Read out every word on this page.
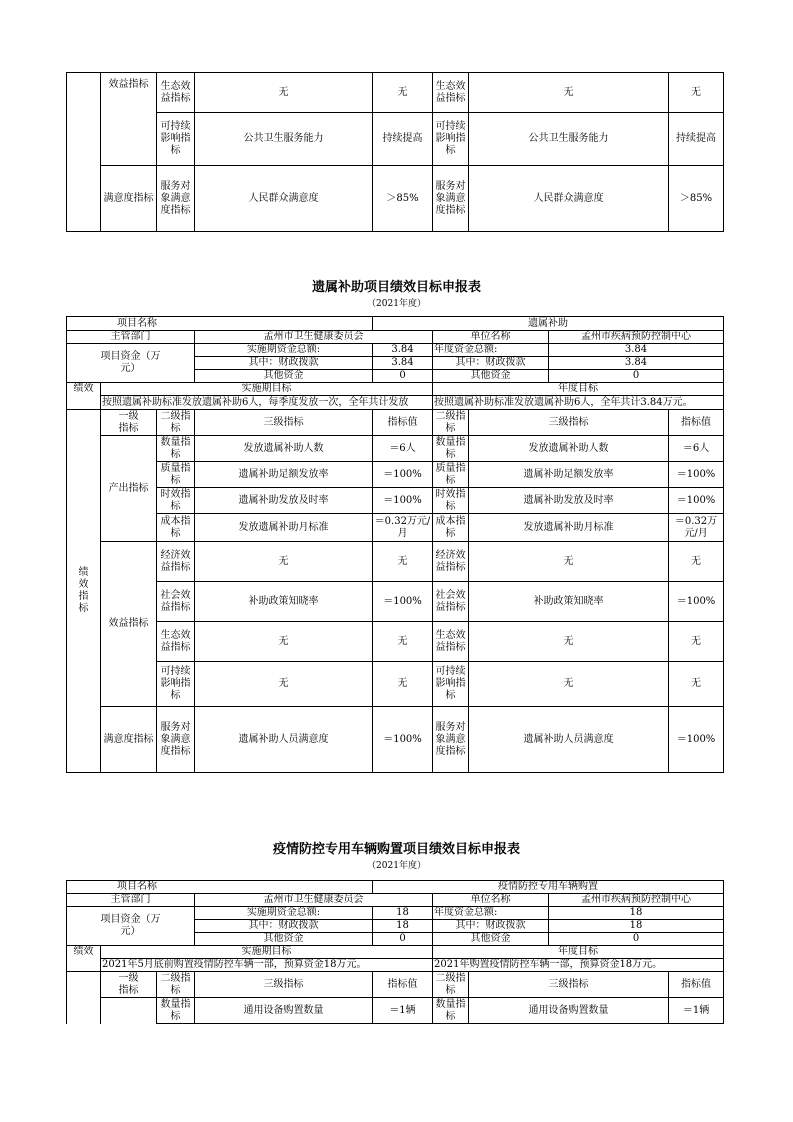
	效益指标	生态效益指标	无	无	生态效益指标	无	无
		可持续影响指标	公共卫生服务能力	持续提高	可持续影响指标	公共卫生服务能力	持续提高
	满意度指标	服务对象满意度指标	人民群众满意度	＞85%	服务对象满意度指标	人民群众满意度	＞85%
遗属补助项目绩效目标申报表
（2021年度）
项目名称				遗属补助				
主管部门			孟州市卫生健康委员会		单位名称		孟州市疾病预防控制中心	
项目资金（万元）			实施期资金总额:	3.84	年度资金总额:		3.84	
			其中：财政拨款	3.84	其中：财政拨款		3.84	
			其他资金	0	其他资金		0	
绩效	实施期目标				年度目标			
	按照遗属补助标准发放遗属补助6人，每季度发放一次，全年共计发放				按照遗属补助标准发放遗属补助6人，全年共计3.84万元。			
绩效指标	一级指标	二级指标	三级指标	指标值	二级指标	三级指标		指标值
	产出指标	数量指标	发放遗属补助人数	＝6人	数量指标	发放遗属补助人数		＝6人
		质量指标	遗属补助足额发放率	＝100%	质量指标	遗属补助足额发放率		＝100%
		时效指标	遗属补助发放及时率	＝100%	时效指标	遗属补助发放及时率		＝100%
		成本指标	发放遗属补助月标准	＝0.32万元/月	成本指标	发放遗属补助月标准		＝0.32万元/月
	效益指标	经济效益指标	无	无	经济效益指标	无		无
		社会效益指标	补助政策知晓率	＝100%	社会效益指标	补助政策知晓率		＝100%
		生态效益指标	无	无	生态效益指标	无		无
		可持续影响指标	无	无	可持续影响指标	无		无
	满意度指标	服务对象满意度指标	遗属补助人员满意度	＝100%	服务对象满意度指标	遗属补助人员满意度		＝100%
疫情防控专用车辆购置项目绩效目标申报表
（2021年度）
项目名称				疫情防控专用车辆购置				
主管部门			孟州市卫生健康委员会		单位名称		孟州市疾病预防控制中心	
项目资金（万元）			实施期资金总额:	18	年度资金总额:		18	
			其中：财政拨款	18	其中：财政拨款		18	
			其他资金	0	其他资金		0	
绩效	实施期目标				年度目标			
	2021年5月底前购置疫情防控车辆一部，预算资金18万元。				2021年购置疫情防控车辆一部，预算资金18万元。			
	一级指标	二级指标	三级指标	指标值	二级指标	三级指标		指标值
		数量指标	通用设备购置数量	＝1辆	数量指标	通用设备购置数量		＝1辆
